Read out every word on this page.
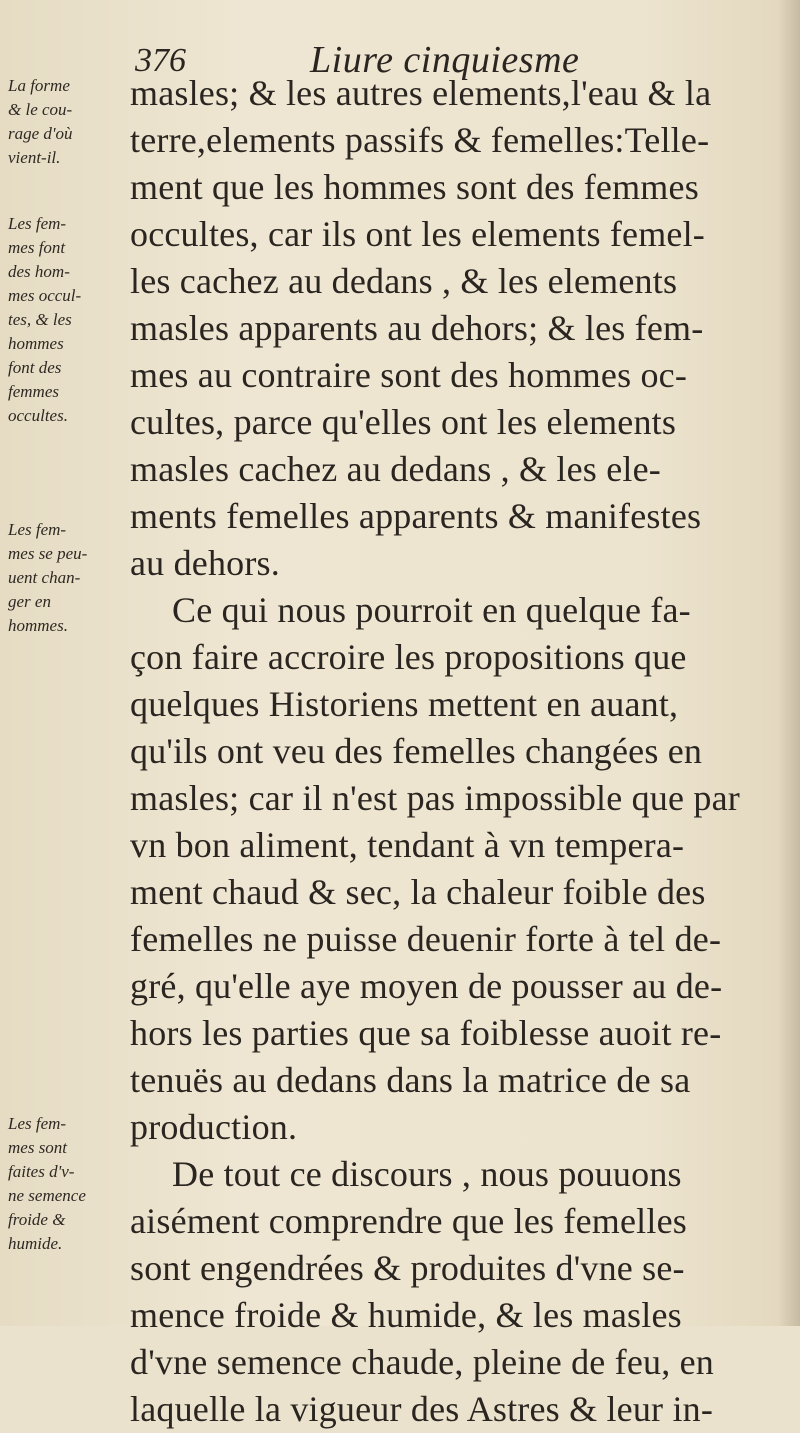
376	Liure cinquiesme
La forme
& le cou-
rage d'où
vient-il.
Les fem-
mes font
des hom-
mes occul-
tes, & les
hommes
font des
femmes
occultes.
Les fem-
mes se peu-
uent chan-
ger en
hommes.
Les fem-
mes sont
faites d'v-
ne semence
froide &
humide.
masles; & les autres elements,l'eau & la
terre,elements passifs & femelles:Telle-
ment que les hommes sont des femmes
occultes, car ils ont les elements femel-
les cachez au dedans , & les elements
masles apparents au dehors; & les fem-
mes au contraire sont des hommes oc-
cultes, parce qu'elles ont les elements
masles cachez au dedans , & les ele-
ments femelles apparents & manifestes
au dehors.
Ce qui nous pourroit en quelque fa-
çon faire accroire les propositions que
quelques Historiens mettent en auant,
qu'ils ont veu des femelles changées en
masles; car il n'est pas impossible que par
vn bon aliment, tendant à vn tempera-
ment chaud & sec, la chaleur foible des
femelles ne puisse deuenir forte à tel de-
gré, qu'elle aye moyen de pousser au de-
hors les parties que sa foiblesse auoit re-
tenuës au dedans dans la matrice de sa
production.
De tout ce discours , nous pouuons
aisément comprendre que les femelles
sont engendrées & produites d'vne se-
mence froide & humide, & les masles
d'vne semence chaude, pleine de feu, en
laquelle la vigueur des Astres & leur in-
